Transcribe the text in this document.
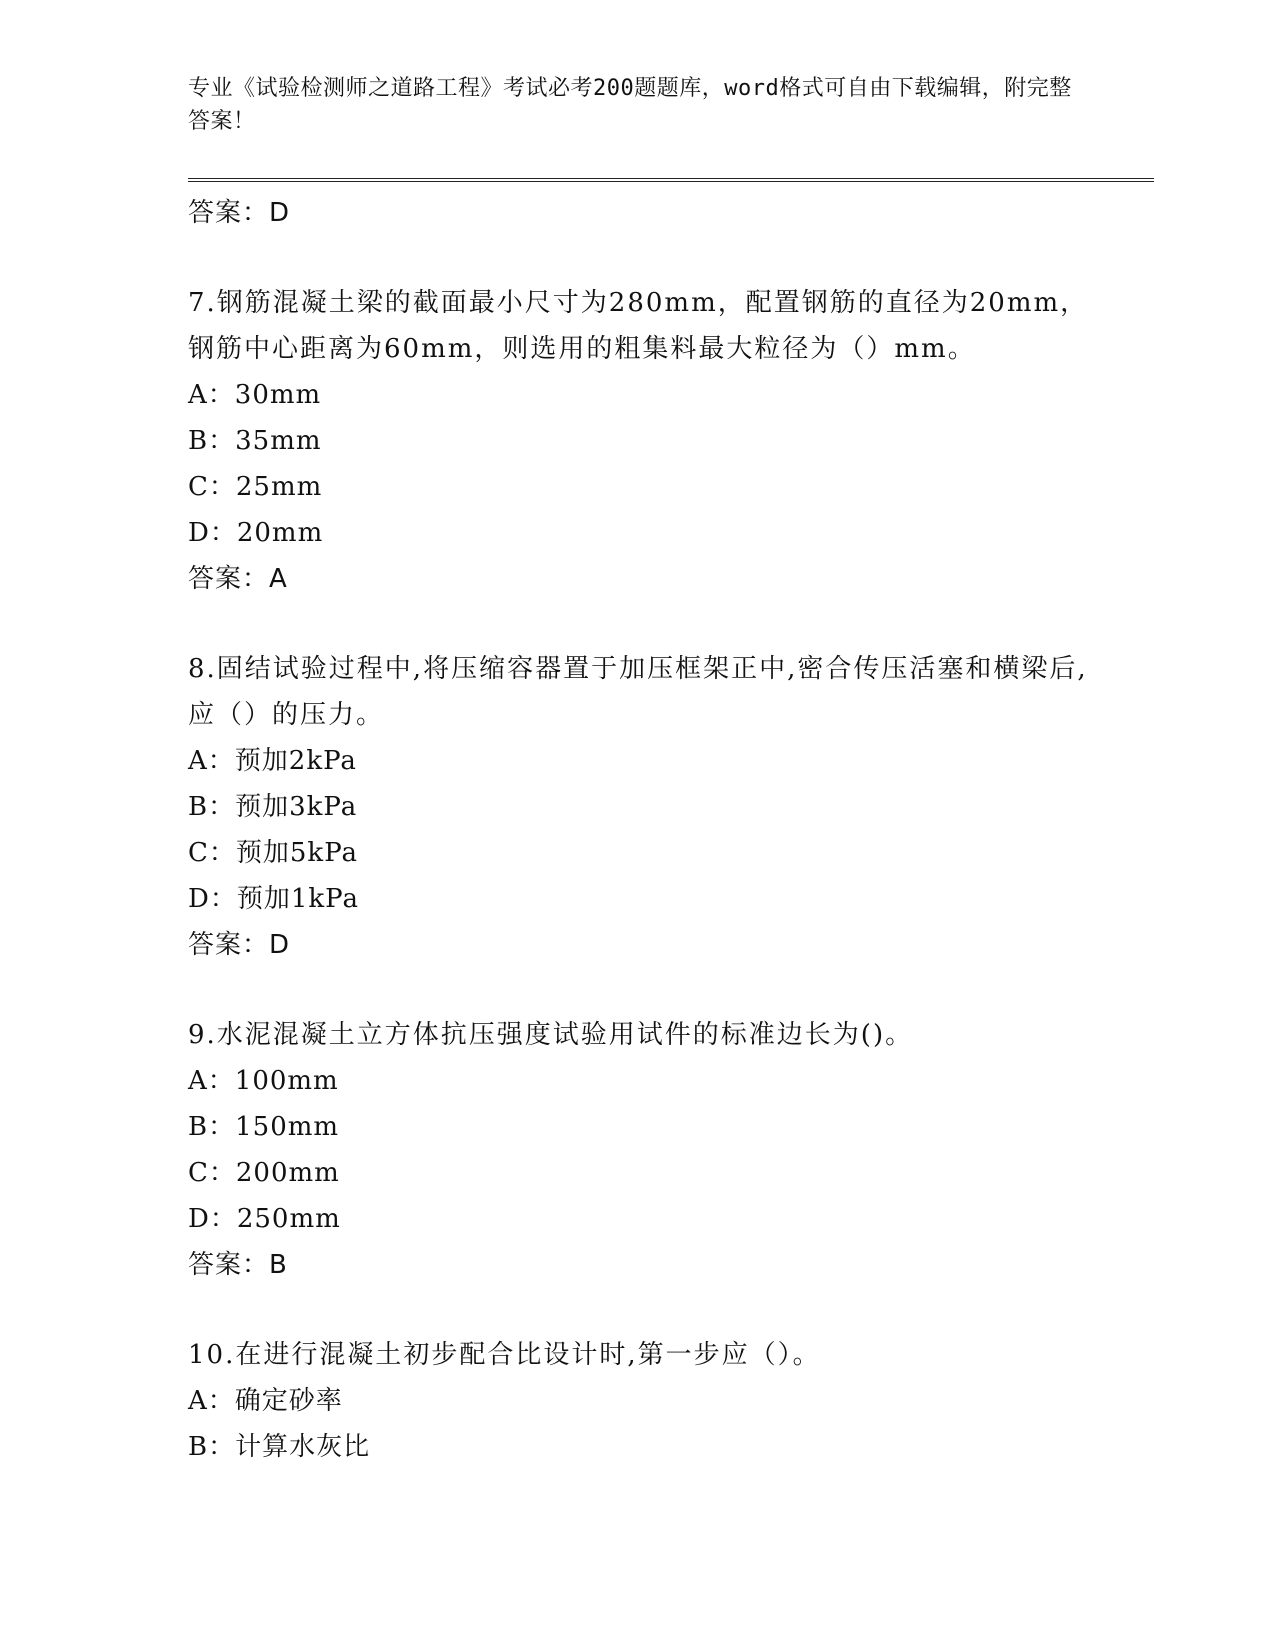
专业《试验检测师之道路工程》考试必考200题题库，word格式可自由下载编辑，附完整答案！
答案：D
7.钢筋混凝土梁的截面最小尺寸为280mm，配置钢筋的直径为20mm，钢筋中心距离为60mm，则选用的粗集料最大粒径为（）mm。
A：30mm
B：35mm
C：25mm
D：20mm
答案：A
8.固结试验过程中,将压缩容器置于加压框架正中,密合传压活塞和横梁后,应（）的压力。
A：预加2kPa
B：预加3kPa
C：预加5kPa
D：预加1kPa
答案：D
9.水泥混凝土立方体抗压强度试验用试件的标准边长为()。
A：100mm
B：150mm
C：200mm
D：250mm
答案：B
10.在进行混凝土初步配合比设计时,第一步应（）。
A：确定砂率
B：计算水灰比
